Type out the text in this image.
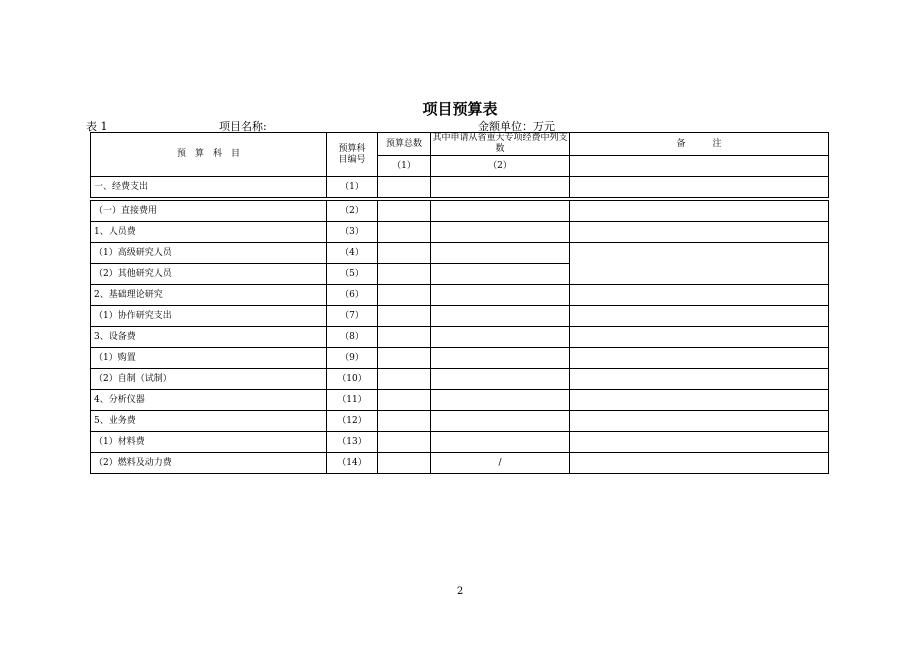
项目预算表
表 1	项目名称:	金额单位：万元
预　算　科　目	预算科目编号	预算总数	其中申请从省重大专项经费中列支数	备　　　注
		（1）	（2）	
一、经费支出	（1）			

（一）直接费用	（2）			
1、人员费	（3）			
（1）高级研究人员	（4）			
（2）其他研究人员	（5）			
2、基础理论研究	（6）			
（1）协作研究支出	（7）			
3、设备费	（8）			
（1）购置	（9）			
（2）自制（试制）	（10）			
4、分析仪器	（11）			
5、业务费	（12）			
（1）材料费	（13）			
（2）燃料及动力费	（14）		/	
2
